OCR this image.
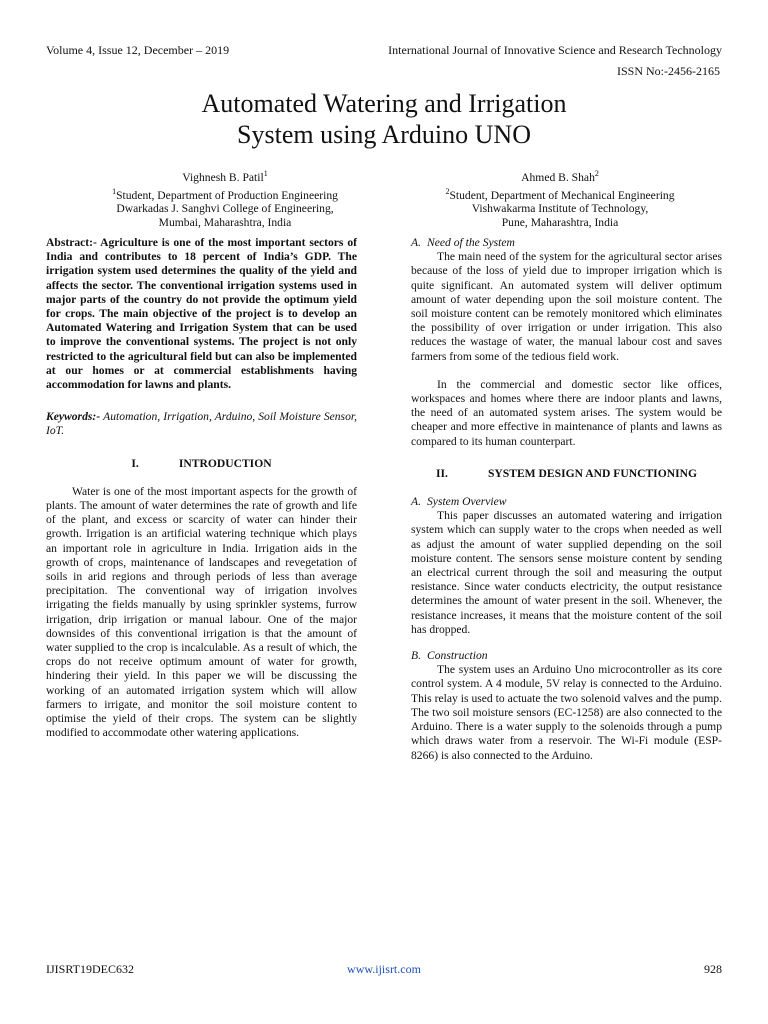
Volume 4, Issue 12, December – 2019	International Journal of Innovative Science and Research Technology
ISSN No:-2456-2165
Automated Watering and Irrigation
System using Arduino UNO
Vighnesh B. Patil$^1$
$^1$Student, Department of Production Engineering
Dwarkadas J. Sanghvi College of Engineering,
Mumbai, Maharashtra, India
Ahmed B. Shah$^2$
$^2$Student, Department of Mechanical Engineering
Vishwakarma Institute of Technology,
Pune, Maharashtra, India

Abstract:- Agriculture is one of the most important sectors of India and contributes to 18 percent of India’s GDP. The irrigation system used determines the quality of the yield and affects the sector. The conventional irrigation systems used in major parts of the country do not provide the optimum yield for crops. The main objective of the project is to develop an Automated Watering and Irrigation System that can be used to improve the conventional systems. The project is not only restricted to the agricultural field but can also be implemented at our homes or at commercial establishments having accommodation for lawns and plants.

Keywords:- Automation, Irrigation, Arduino, Soil Moisture Sensor, IoT.

I.	INTRODUCTION

Water is one of the most important aspects for the growth of plants. The amount of water determines the rate of growth and life of the plant, and excess or scarcity of water can hinder their growth. Irrigation is an artificial watering technique which plays an important role in agriculture in India. Irrigation aids in the growth of crops, maintenance of landscapes and revegetation of soils in arid regions and through periods of less than average precipitation. The conventional way of irrigation involves irrigating the fields manually by using sprinkler systems, furrow irrigation, drip irrigation or manual labour. One of the major downsides of this conventional irrigation is that the amount of water supplied to the crop is incalculable. As a result of which, the crops do not receive optimum amount of water for growth, hindering their yield. In this paper we will be discussing the working of an automated irrigation system which will allow farmers to irrigate, and monitor the soil moisture content to optimise the yield of their crops. The system can be slightly modified to accommodate other watering applications.

A. Need of the System

The main need of the system for the agricultural sector arises because of the loss of yield due to improper irrigation which is quite significant. An automated system will deliver optimum amount of water depending upon the soil moisture content. The soil moisture content can be remotely monitored which eliminates the possibility of over irrigation or under irrigation. This also reduces the wastage of water, the manual labour cost and saves farmers from some of the tedious field work.

In the commercial and domestic sector like offices, workspaces and homes where there are indoor plants and lawns, the need of an automated system arises. The system would be cheaper and more effective in maintenance of plants and lawns as compared to its human counterpart.

II.	SYSTEM DESIGN AND FUNCTIONING

A. System Overview

This paper discusses an automated watering and irrigation system which can supply water to the crops when needed as well as adjust the amount of water supplied depending on the soil moisture content. The sensors sense moisture content by sending an electrical current through the soil and measuring the output resistance. Since water conducts electricity, the output resistance determines the amount of water present in the soil. Whenever, the resistance increases, it means that the moisture content of the soil has dropped.

B. Construction

The system uses an Arduino Uno microcontroller as its core control system. A 4 module, 5V relay is connected to the Arduino. This relay is used to actuate the two solenoid valves and the pump. The two soil moisture sensors (EC-1258) are also connected to the Arduino. There is a water supply to the solenoids through a pump which draws water from a reservoir. The Wi-Fi module (ESP-8266) is also connected to the Arduino.

IJISRT19DEC632	www.ijisrt.com	928
